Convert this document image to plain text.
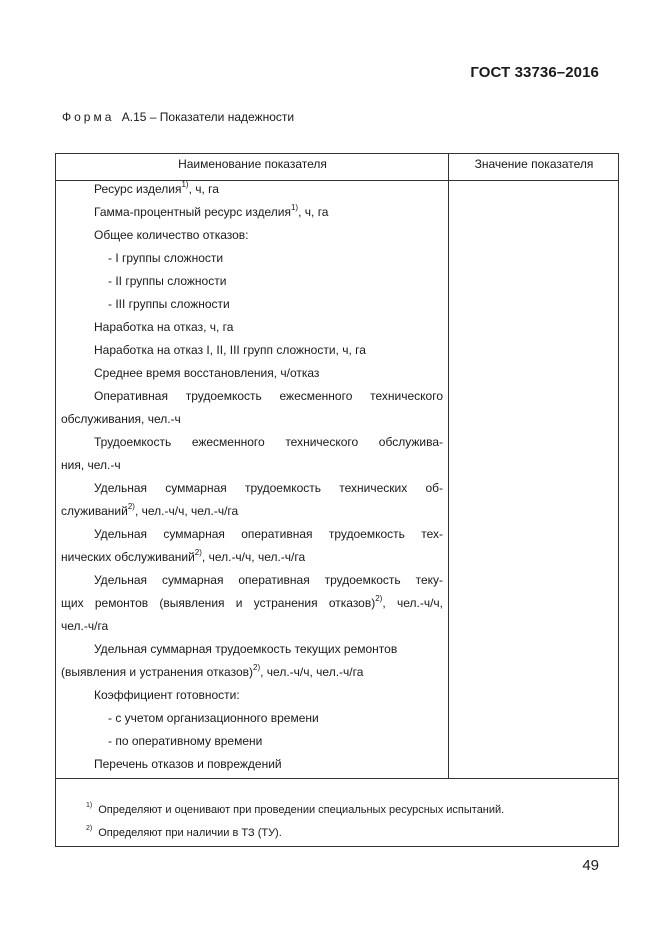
ГОСТ 33736–2016
Форма А.15 – Показатели надежности
Наименование показателя	Значение показателя
Ресурс изделия$^{1)}$, ч, га
Гамма-процентный ресурс изделия$^{1)}$, ч, га
Общее количество отказов:
- I группы сложности
- II группы сложности
- III группы сложности
Наработка на отказ, ч, га
Наработка на отказ I, II, III групп сложности, ч, га
Среднее время восстановления, ч/отказ
Оперативная трудоемкость ежесменного технического
обслуживания, чел.-ч
Трудоемкость ежесменного технического обслужива-
ния, чел.-ч
Удельная суммарная трудоемкость технических об-
служиваний$^{2)}$, чел.-ч/ч, чел.-ч/га
Удельная суммарная оперативная трудоемкость тех-
нических обслуживаний$^{2)}$, чел.-ч/ч, чел.-ч/га
Удельная суммарная оперативная трудоемкость теку-
щих ремонтов (выявления и устранения отказов)$^{2)}$, чел.-ч/ч,
чел.-ч/га
Удельная суммарная трудоемкость текущих ремонтов
(выявления и устранения отказов)$^{2)}$, чел.-ч/ч, чел.-ч/га
Коэффициент готовности:
- с учетом организационного времени
- по оперативному времени
Перечень отказов и повреждений
$^{1)}$ Определяют и оценивают при проведении специальных ресурсных испытаний.
$^{2)}$ Определяют при наличии в ТЗ (ТУ).
49
